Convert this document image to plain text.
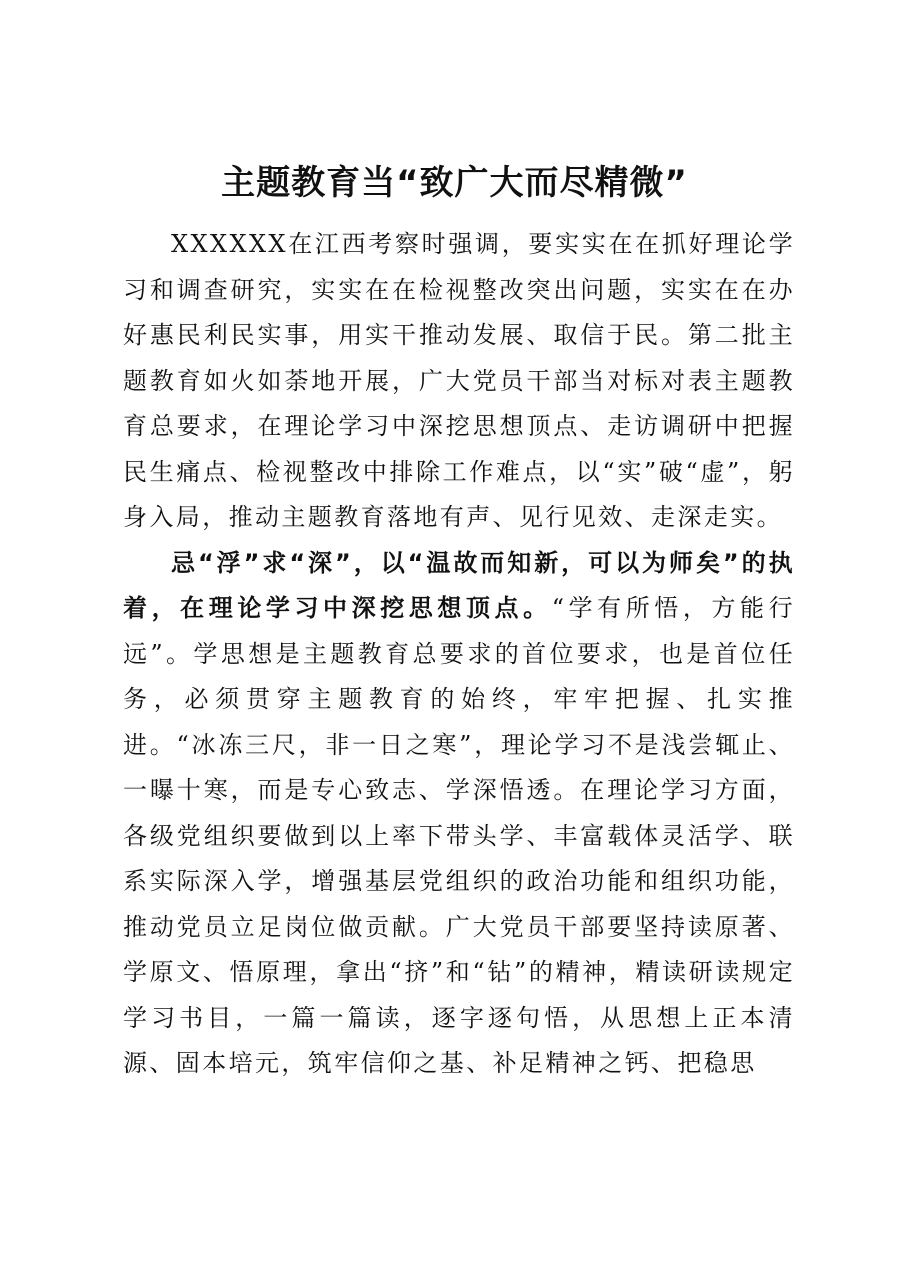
主题教育当“致广大而尽精微”

XXXXXX在江西考察时强调，要实实在在抓好理论学习和调查研究，实实在在检视整改突出问题，实实在在办好惠民利民实事，用实干推动发展、取信于民。第二批主题教育如火如荼地开展，广大党员干部当对标对表主题教育总要求，在理论学习中深挖思想顶点、走访调研中把握民生痛点、检视整改中排除工作难点，以“实”破“虚”，躬身入局，推动主题教育落地有声、见行见效、走深走实。

忌“浮”求“深”，以“温故而知新，可以为师矣”的执着，在理论学习中深挖思想顶点。“学有所悟，方能行远”。学思想是主题教育总要求的首位要求，也是首位任务，必须贯穿主题教育的始终，牢牢把握、扎实推进。“冰冻三尺，非一日之寒”，理论学习不是浅尝辄止、一曝十寒，而是专心致志、学深悟透。在理论学习方面，各级党组织要做到以上率下带头学、丰富载体灵活学、联系实际深入学，增强基层党组织的政治功能和组织功能，推动党员立足岗位做贡献。广大党员干部要坚持读原著、学原文、悟原理，拿出“挤”和“钻”的精神，精读研读规定学习书目，一篇一篇读，逐字逐句悟，从思想上正本清源、固本培元，筑牢信仰之基、补足精神之钙、把稳思
